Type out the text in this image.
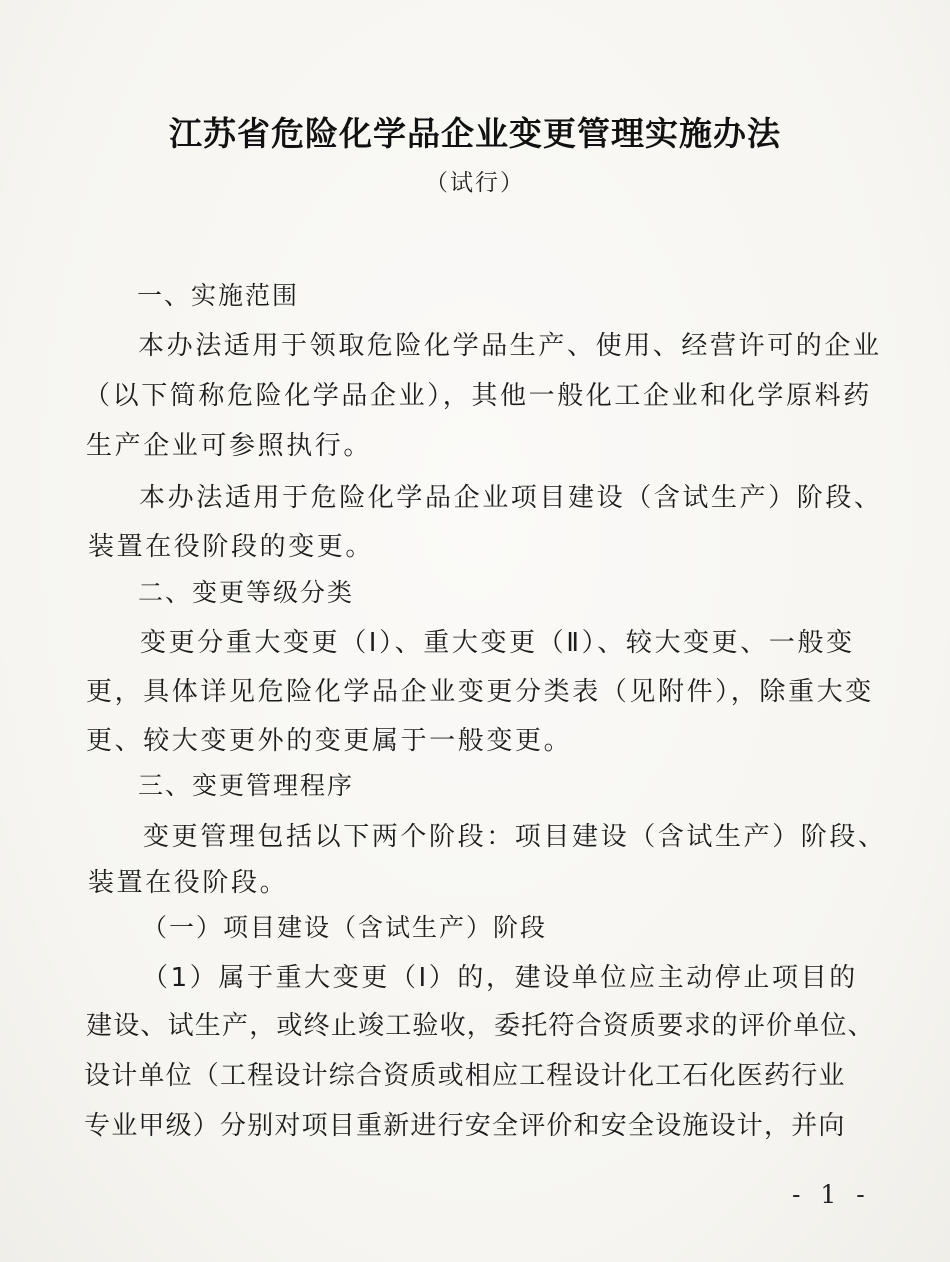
江苏省危险化学品企业变更管理实施办法
（试行）
一、实施范围
本办法适用于领取危险化学品生产、使用、经营许可的企业
（以下简称危险化学品企业），其他一般化工企业和化学原料药
生产企业可参照执行。
本办法适用于危险化学品企业项目建设（含试生产）阶段、
装置在役阶段的变更。
二、变更等级分类
变更分重大变更（Ⅰ）、重大变更（Ⅱ）、较大变更、一般变
更，具体详见危险化学品企业变更分类表（见附件），除重大变
更、较大变更外的变更属于一般变更。
三、变更管理程序
变更管理包括以下两个阶段：项目建设（含试生产）阶段、
装置在役阶段。
（一）项目建设（含试生产）阶段
（1）属于重大变更（Ⅰ）的，建设单位应主动停止项目的
建设、试生产，或终止竣工验收，委托符合资质要求的评价单位、
设计单位（工程设计综合资质或相应工程设计化工石化医药行业
专业甲级）分别对项目重新进行安全评价和安全设施设计，并向
- 1 -
